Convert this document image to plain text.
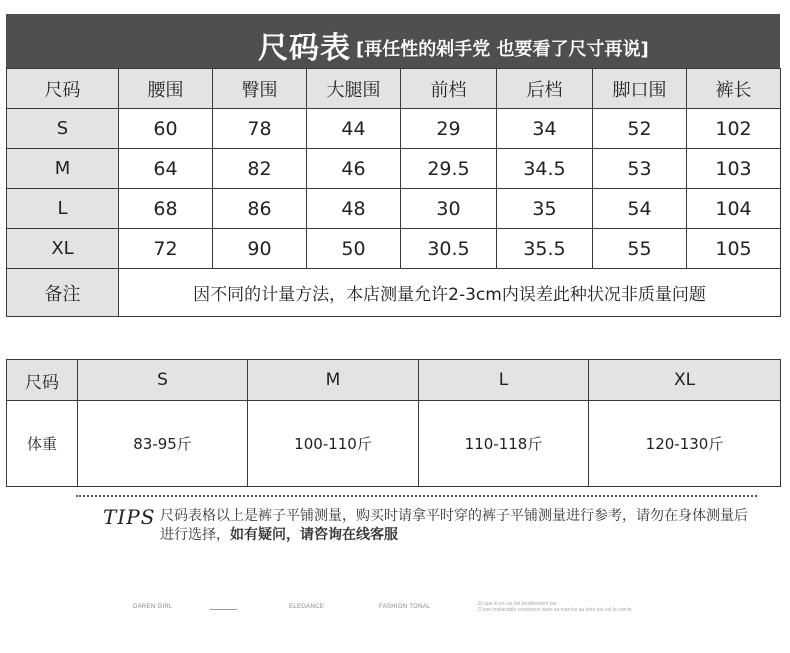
尺码表 [再任性的剁手党 也要看了尺寸再说]
尺码	腰围	臀围	大腿围	前档	后档	脚口围	裤长
S	60	78	44	29	34	52	102
M	64	82	46	29.5	34.5	53	103
L	68	86	48	30	35	54	104
XL	72	90	50	30.5	35.5	55	105
备注	因不同的计量方法，本店测量允许2-3cm内误差此种状况非质量问题						
尺码	S	M	L	XL
体重	83-95斤	100-110斤	110-118斤	120-130斤
TIPS 尺码表格以上是裤子平铺测量，购买时请拿平时穿的裤子平铺测量进行参考，请勿在身体测量后进行选择，如有疑问，请咨询在线客服
DAREN GIRL	ELEGANCE	FASHION TONAL	Et que le jeu se fait terriblement pur
D'une implacable constance dans sa marche au bout qui est le cercle
